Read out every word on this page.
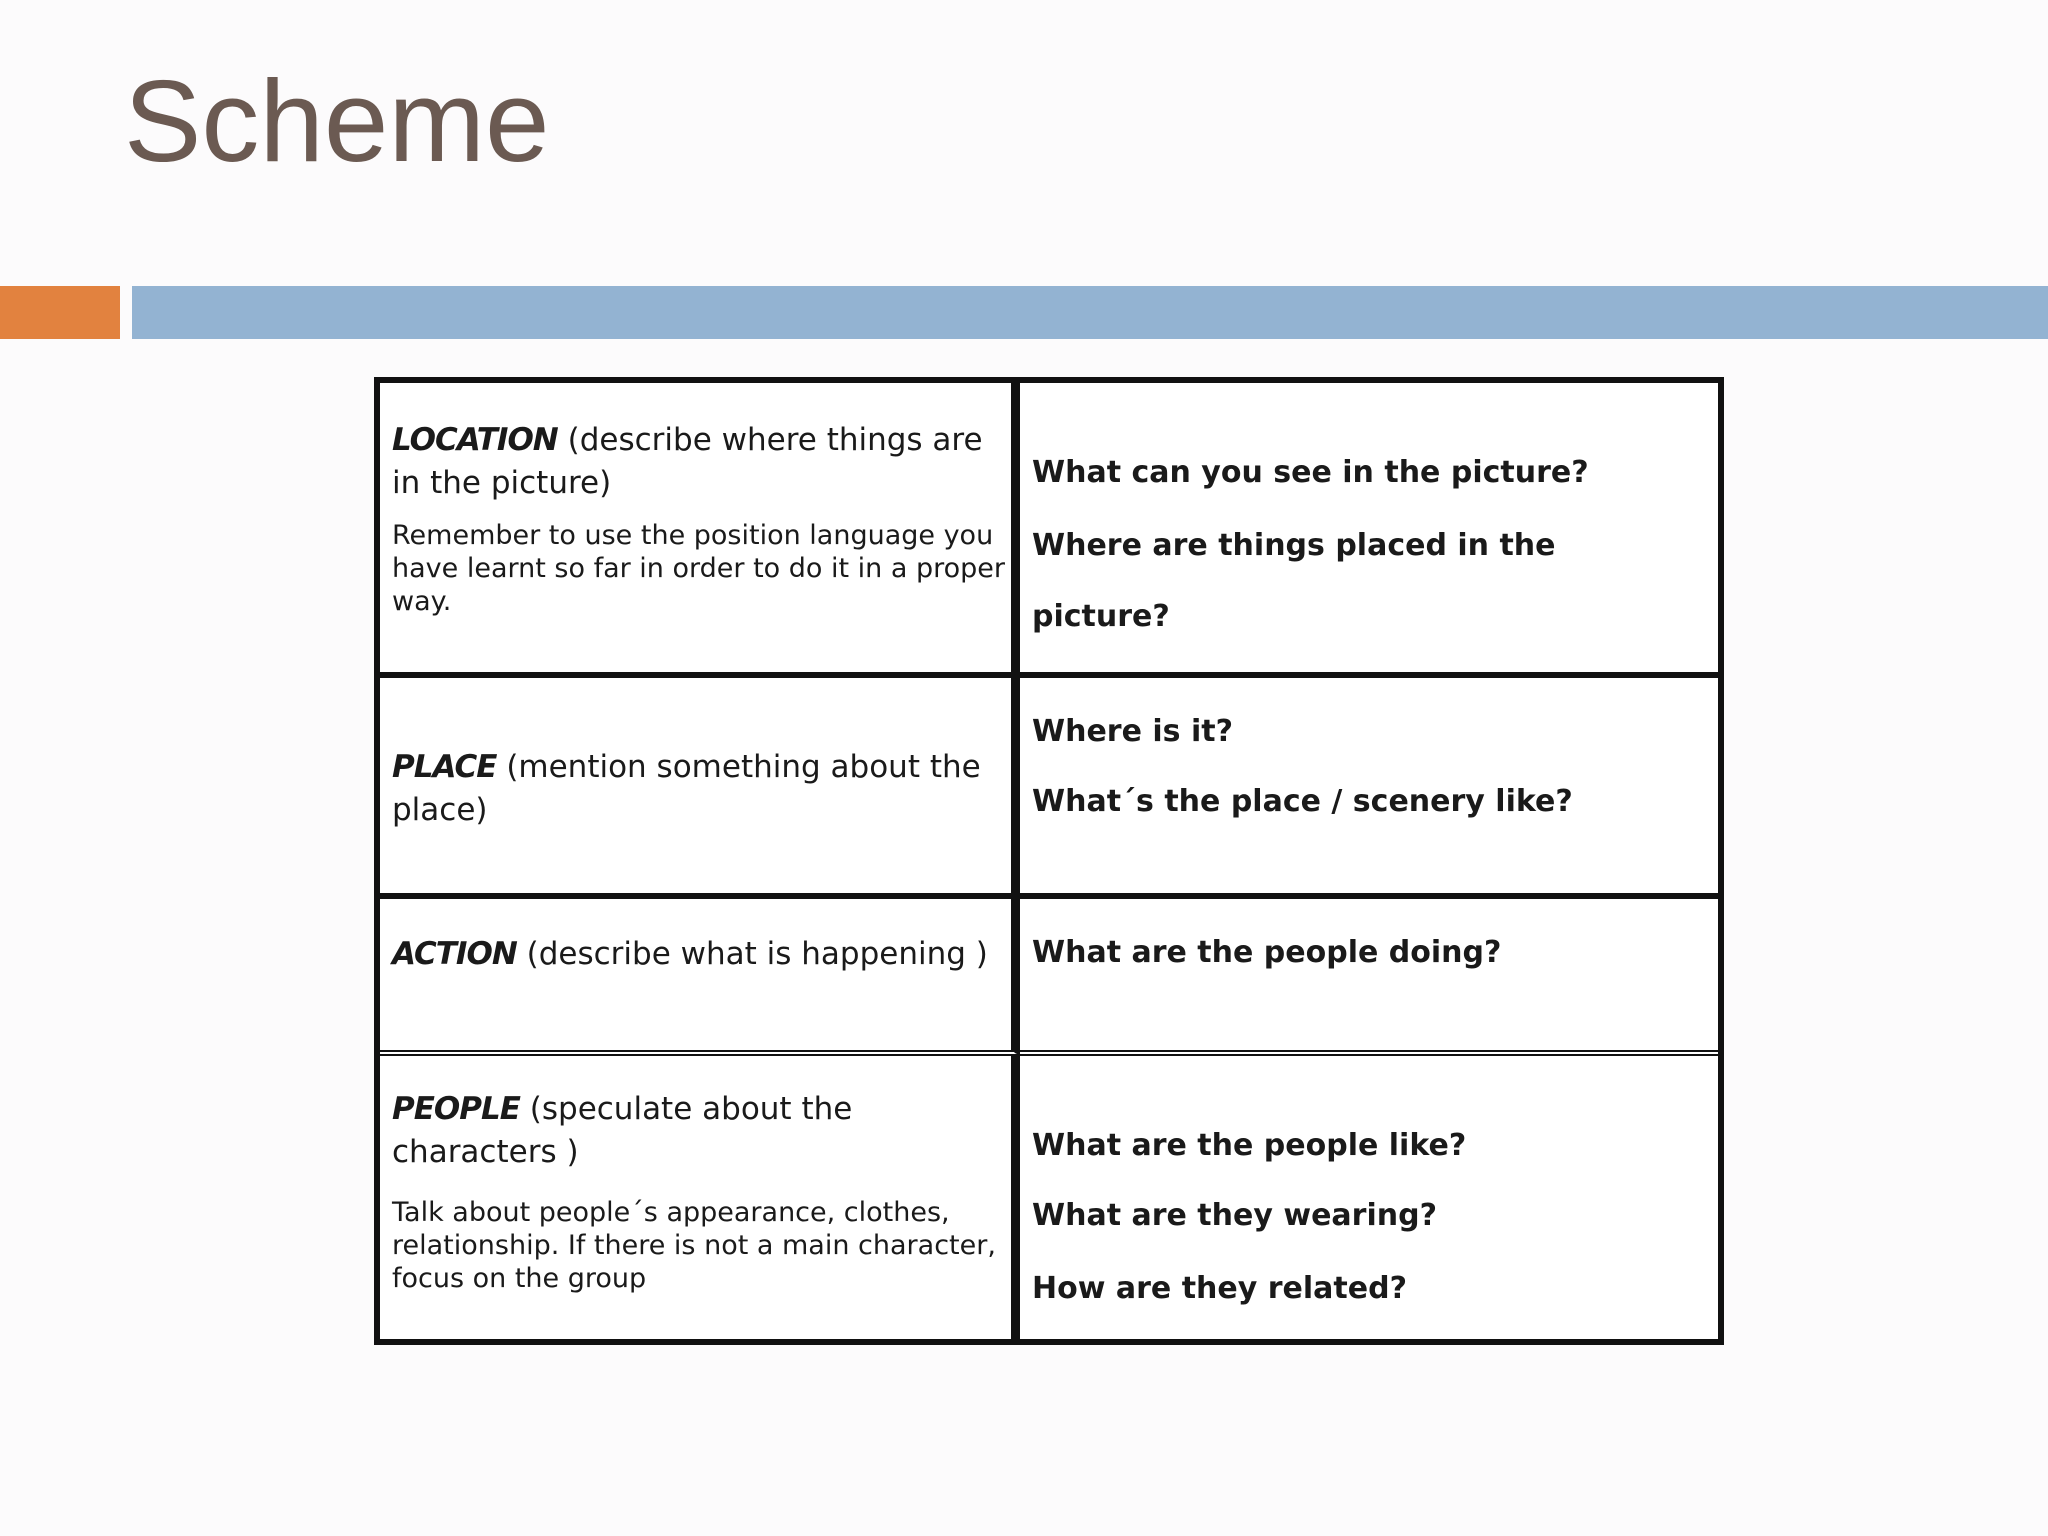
Scheme
LOCATION (describe where things are in the picture)
Remember to use the position language you have learnt so far in order to do it in a proper way.
What can you see in the picture?
Where are things placed in the
picture?
PLACE (mention something about the place)
Where is it?
What´s the place / scenery like?
ACTION (describe what is happening )	What are the people doing?
PEOPLE (speculate about the characters )
Talk about people´s appearance, clothes, relationship. If there is not a main character, focus on the group
What are the people like?
What are they wearing?
How are they related?
